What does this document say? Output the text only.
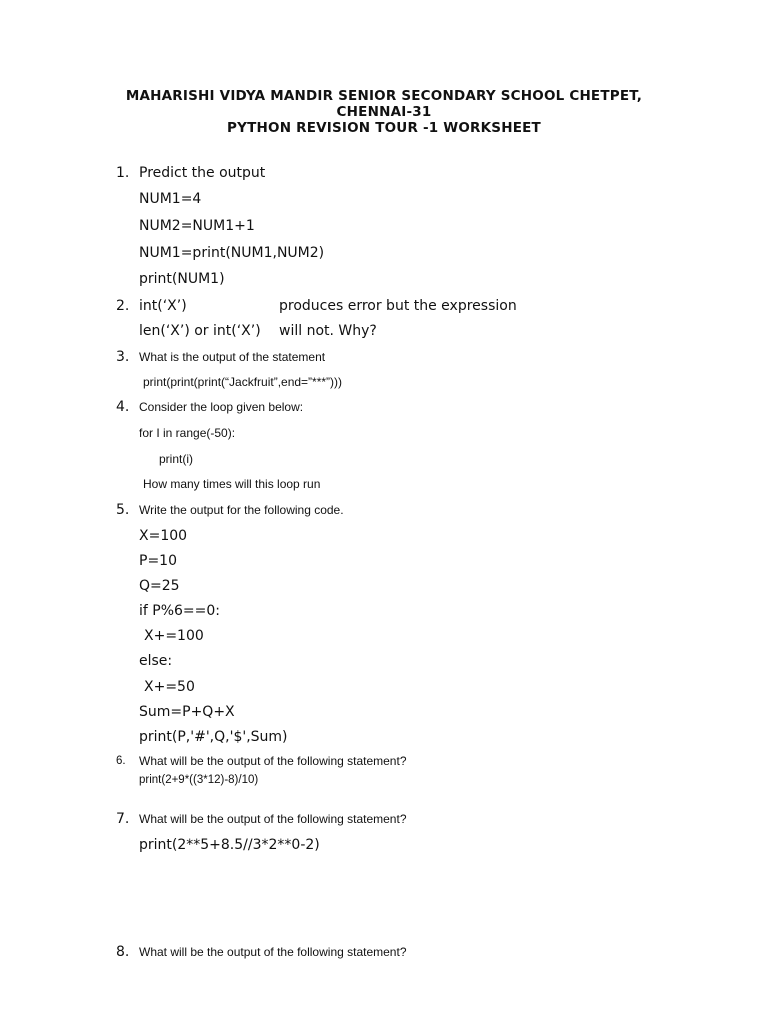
MAHARISHI VIDYA MANDIR SENIOR SECONDARY SCHOOL CHETPET,
CHENNAI-31
PYTHON REVISION TOUR -1 WORKSHEET
1. Predict the output
NUM1=4
NUM2=NUM1+1
NUM1=print(NUM1,NUM2)
print(NUM1)
2. int(‘X’)	produces error but the expression
len(‘X’) or int(‘X’) will not. Why?
3. What is the output of the statement
print(print(print(“Jackfruit”,end=”***”)))
4. Consider the loop given below:
for I in range(-50):
print(i)
How many times will this loop run
5. Write the output for the following code.
X=100
P=10
Q=25
if P%6==0:
X+=100
else:
X+=50
Sum=P+Q+X
print(P,'#',Q,'$',Sum)
6. What will be the output of the following statement?
print(2+9*((3*12)-8)/10)
7. What will be the output of the following statement?
print(2**5+8.5//3*2**0-2)
8. What will be the output of the following statement?
